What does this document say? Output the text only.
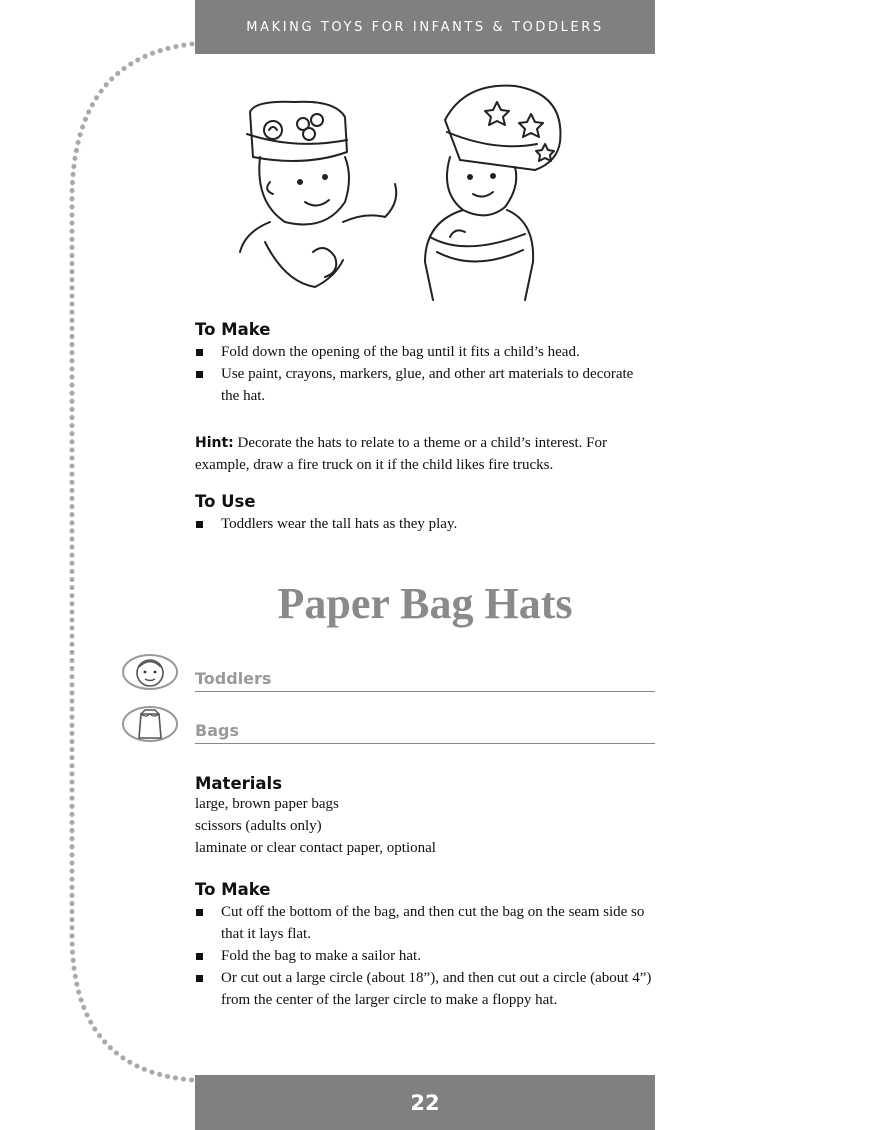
MAKING TOYS FOR INFANTS & TODDLERS
To Make
Fold down the opening of the bag until it fits a child’s head.
Use paint, crayons, markers, glue, and other art materials to decorate the hat.

Hint: Decorate the hats to relate to a theme or a child’s interest. For example, draw a fire truck on it if the child likes fire trucks.

To Use
Toddlers wear the tall hats as they play.
Paper Bag Hats
Toddlers
Bags
Materials
large, brown paper bags
scissors (adults only)
laminate or clear contact paper, optional
To Make
Cut off the bottom of the bag, and then cut the bag on the seam side so that it lays flat.
Fold the bag to make a sailor hat.
Or cut out a large circle (about 18”), and then cut out a circle (about 4”) from the center of the larger circle to make a floppy hat.
22
